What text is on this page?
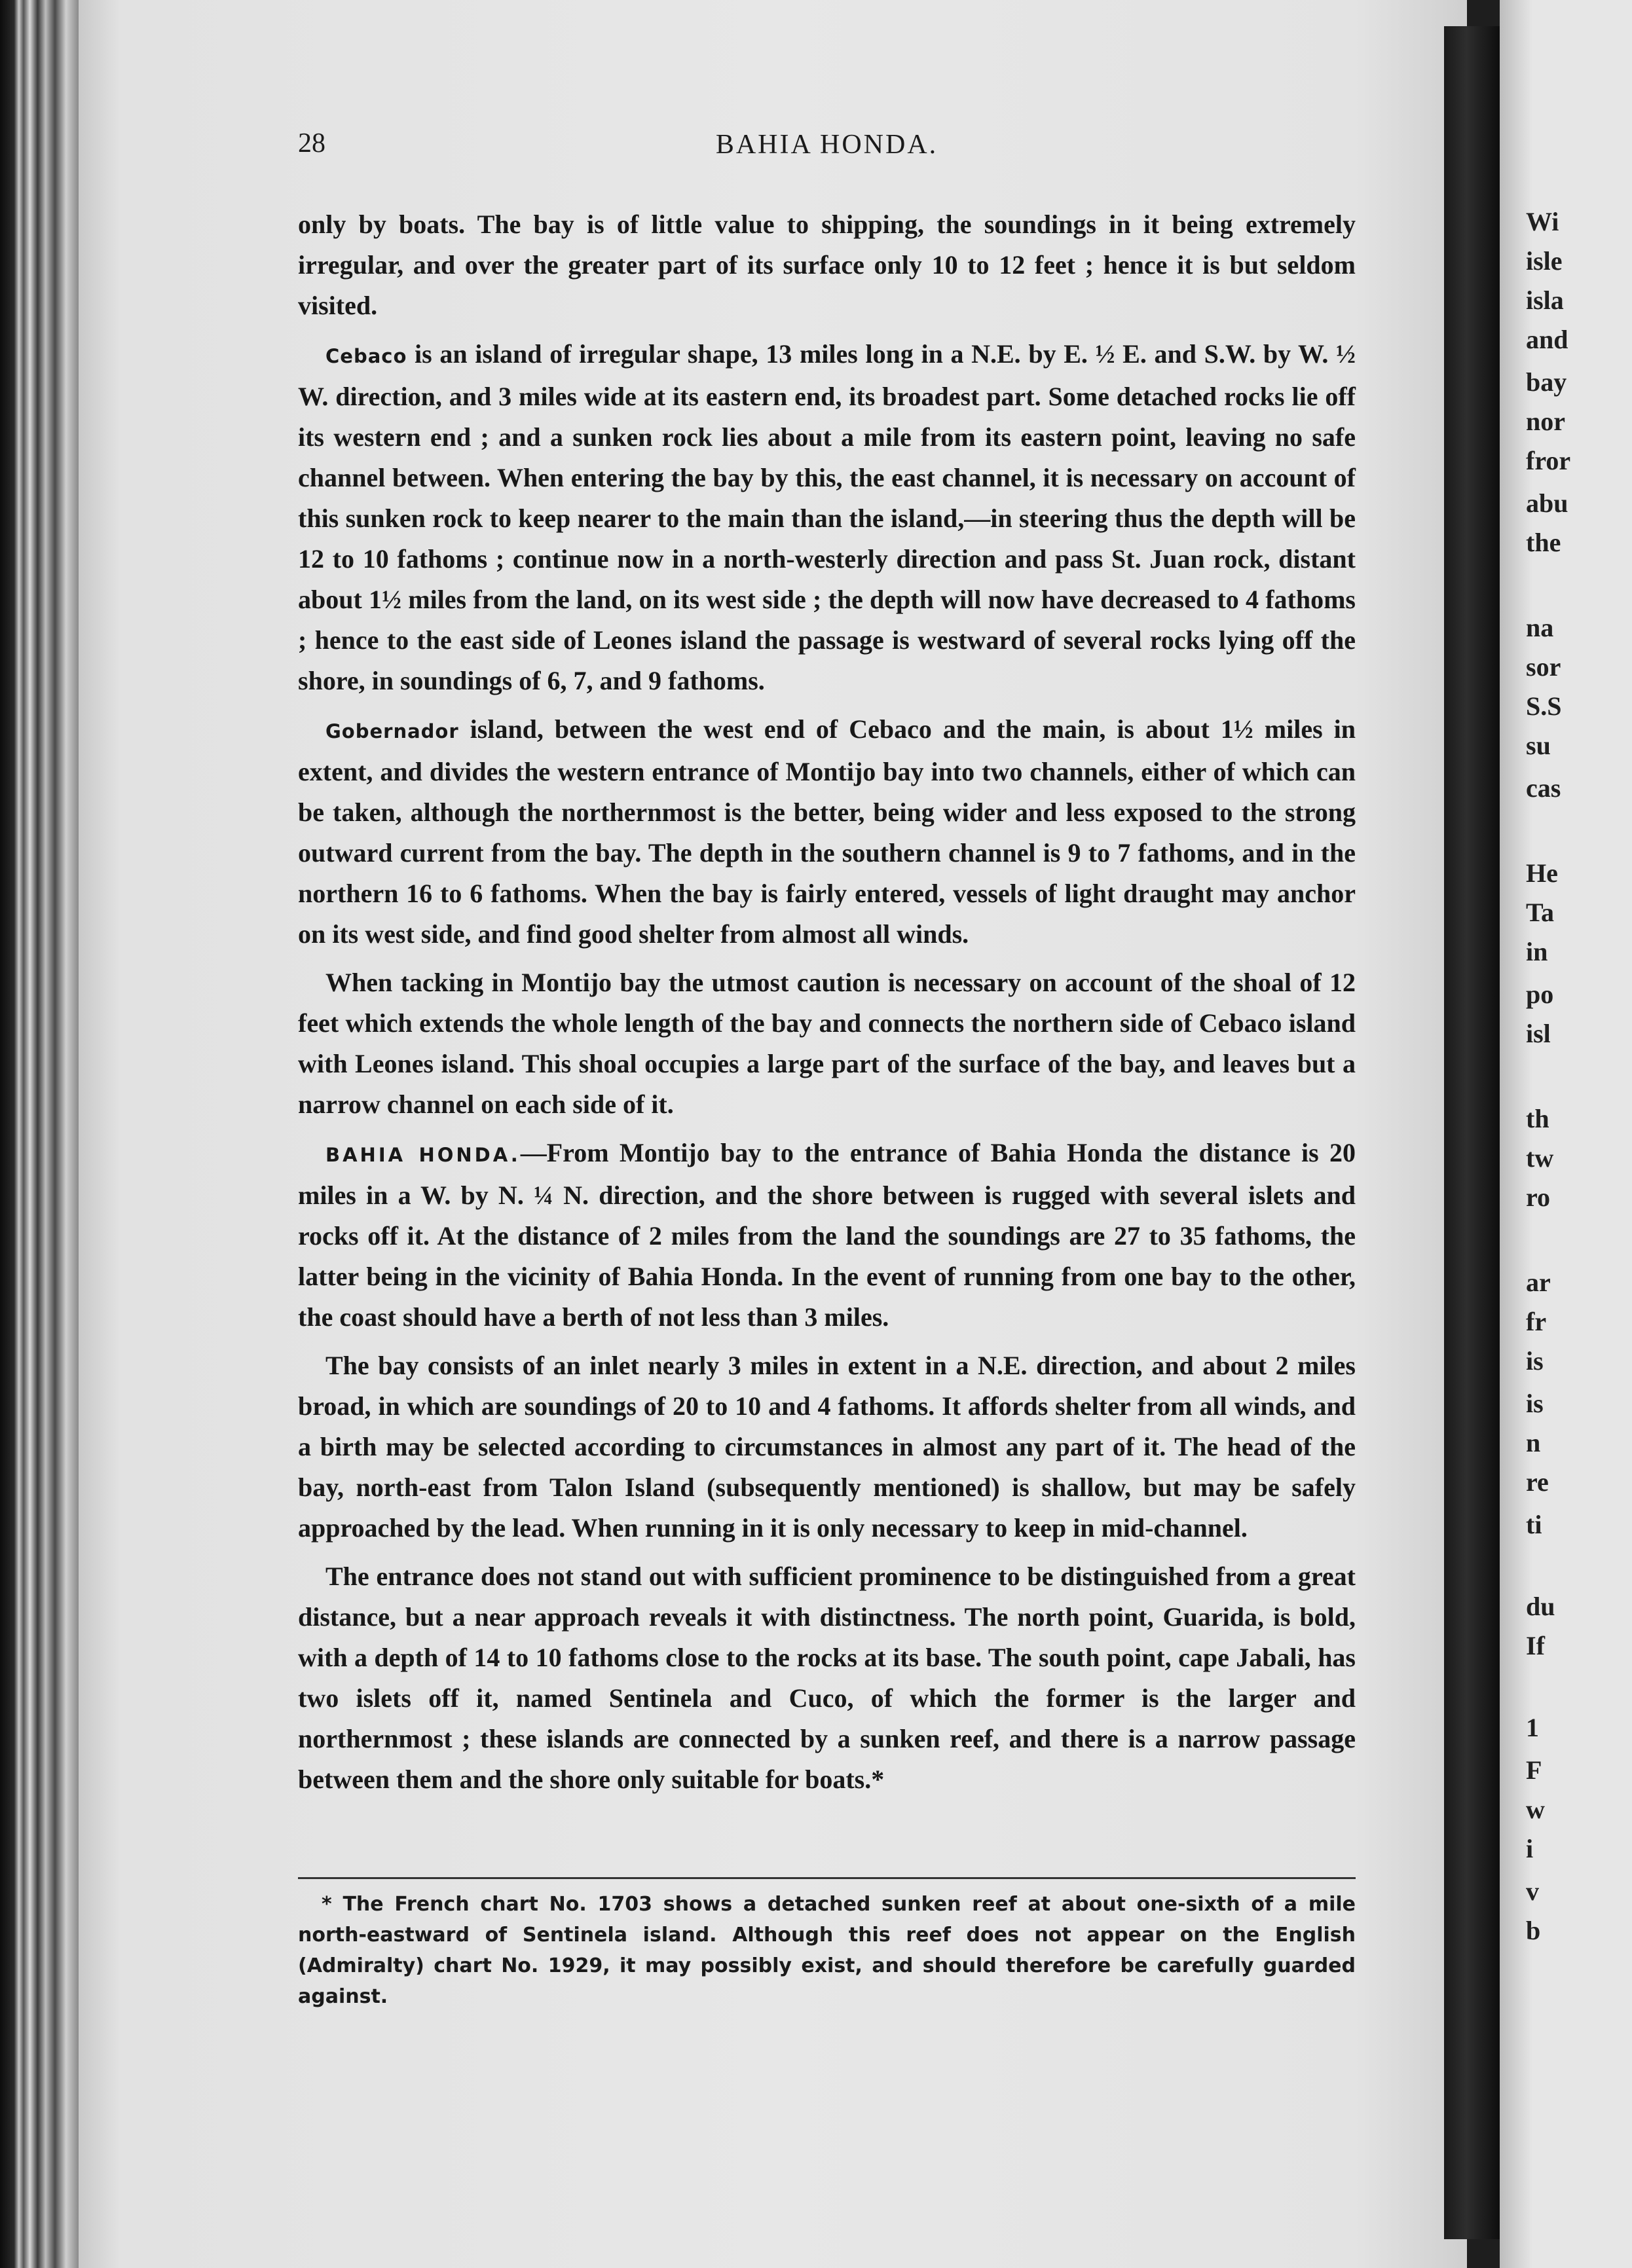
28	BAHIA HONDA.

only by boats. The bay is of little value to shipping, the soundings in it being extremely irregular, and over the greater part of its surface only 10 to 12 feet ; hence it is but seldom visited.

Cebaco is an island of irregular shape, 13 miles long in a N.E. by E. ½ E. and S.W. by W. ½ W. direction, and 3 miles wide at its eastern end, its broadest part. Some detached rocks lie off its western end ; and a sunken rock lies about a mile from its eastern point, leaving no safe channel between. When entering the bay by this, the east channel, it is necessary on account of this sunken rock to keep nearer to the main than the island,—in steering thus the depth will be 12 to 10 fathoms ; continue now in a north-westerly direction and pass St. Juan rock, distant about 1½ miles from the land, on its west side ; the depth will now have decreased to 4 fathoms ; hence to the east side of Leones island the passage is westward of several rocks lying off the shore, in soundings of 6, 7, and 9 fathoms.

Gobernador island, between the west end of Cebaco and the main, is about 1½ miles in extent, and divides the western entrance of Montijo bay into two channels, either of which can be taken, although the northernmost is the better, being wider and less exposed to the strong outward current from the bay. The depth in the southern channel is 9 to 7 fathoms, and in the northern 16 to 6 fathoms. When the bay is fairly entered, vessels of light draught may anchor on its west side, and find good shelter from almost all winds.

When tacking in Montijo bay the utmost caution is necessary on account of the shoal of 12 feet which extends the whole length of the bay and connects the northern side of Cebaco island with Leones island. This shoal occupies a large part of the surface of the bay, and leaves but a narrow channel on each side of it.

BAHIA HONDA.—From Montijo bay to the entrance of Bahia Honda the distance is 20 miles in a W. by N. ¼ N. direction, and the shore between is rugged with several islets and rocks off it. At the distance of 2 miles from the land the soundings are 27 to 35 fathoms, the latter being in the vicinity of Bahia Honda. In the event of running from one bay to the other, the coast should have a berth of not less than 3 miles.

The bay consists of an inlet nearly 3 miles in extent in a N.E. direction, and about 2 miles broad, in which are soundings of 20 to 10 and 4 fathoms. It affords shelter from all winds, and a birth may be selected according to circumstances in almost any part of it. The head of the bay, north-east from Talon Island (subsequently mentioned) is shallow, but may be safely approached by the lead. When running in it is only necessary to keep in mid-channel.

The entrance does not stand out with sufficient prominence to be distinguished from a great distance, but a near approach reveals it with distinctness. The north point, Guarida, is bold, with a depth of 14 to 10 fathoms close to the rocks at its base. The south point, cape Jabali, has two islets off it, named Sentinela and Cuco, of which the former is the larger and northernmost ; these islands are connected by a sunken reef, and there is a narrow passage between them and the shore only suitable for boats.*

* The French chart No. 1703 shows a detached sunken reef at about one-sixth of a mile north-eastward of Sentinela island. Although this reef does not appear on the English (Admiralty) chart No. 1929, it may possibly exist, and should therefore be carefully guarded against.

Wi
isle
isla
and
bay
nor
fror
abu
the
na
sor
S.S
su
cas
He
Ta
in
po
isl
th
tw
ro
ar
fr
is
is
n
re
ti
du
If
1
F
w
i
v
b
